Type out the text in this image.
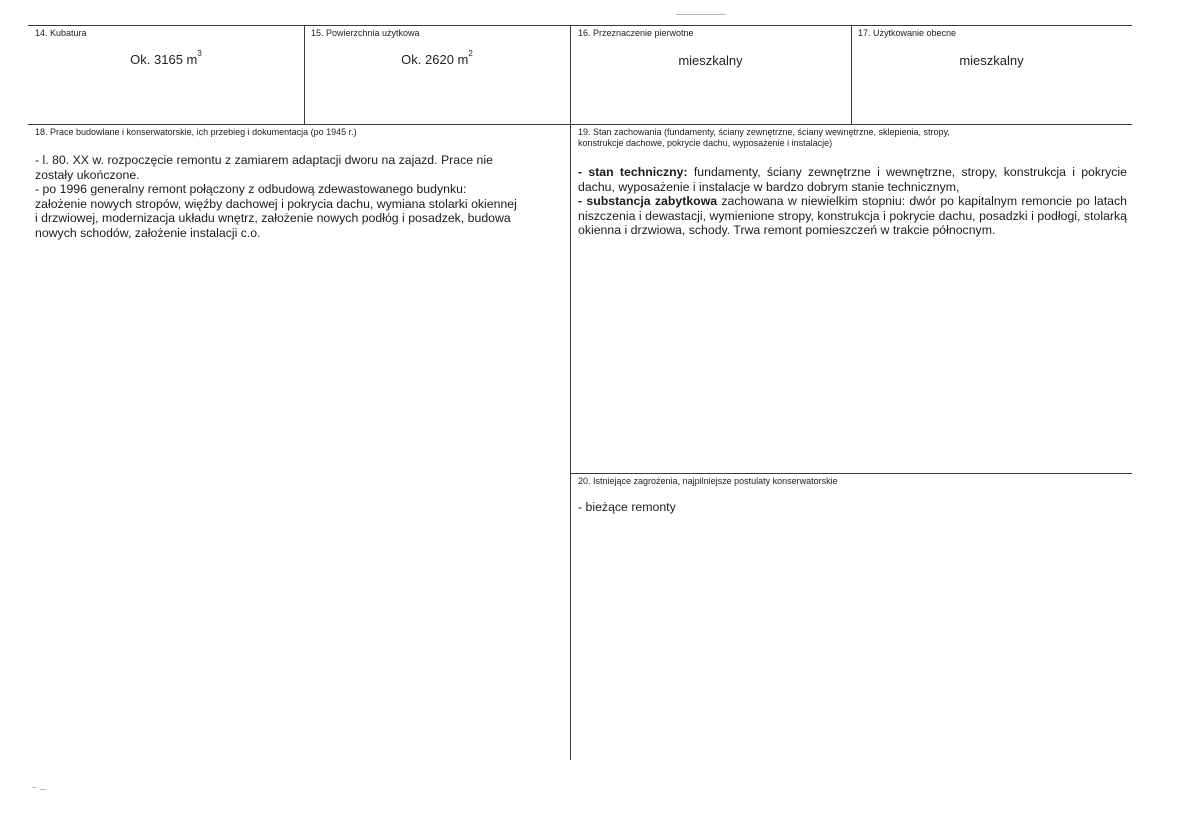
14. Kubatura
Ok. 3165 $m^3$
15. Powierzchnia użytkowa
Ok. 2620 $m^2$
16. Przeznaczenie pierwotne
mieszkalny
17. Użytkowanie obecne
mieszkalny
18. Prace budowlane i konserwatorskie, ich przebieg i dokumentacja (po 1945 r.)
- l. 80. XX w. rozpoczęcie remontu z zamiarem adaptacji dworu na zajazd. Prace nie
zostały ukończone.
- po 1996 generalny remont połączony z odbudową zdewastowanego budynku:
założenie nowych stropów, więźby dachowej i pokrycia dachu, wymiana stolarki okiennej
i drzwiowej, modernizacja układu wnętrz, założenie nowych podłóg i posadzek, budowa
nowych schodów, założenie instalacji c.o.
19. Stan zachowania (fundamenty, ściany zewnętrzne, ściany wewnętrzne, sklepienia, stropy,
konstrukcje dachowe, pokrycie dachu, wyposażenie i instalacje)

- stan techniczny: fundamenty, ściany zewnętrzne i wewnętrzne, stropy, konstrukcja i pokrycie dachu, wyposażenie i instalacje w bardzo dobrym stanie technicznym,

- substancja zabytkowa zachowana w niewielkim stopniu: dwór po kapitalnym remoncie po latach niszczenia i dewastacji, wymienione stropy, konstrukcja i pokrycie dachu, posadzki i podłogi, stolarką okienna i drzwiowa, schody. Trwa remont pomieszczeń w trakcie północnym.

20. Istniejące zagrożenia, najpilniejsze postulaty konserwatorskie
- bieżące remonty
